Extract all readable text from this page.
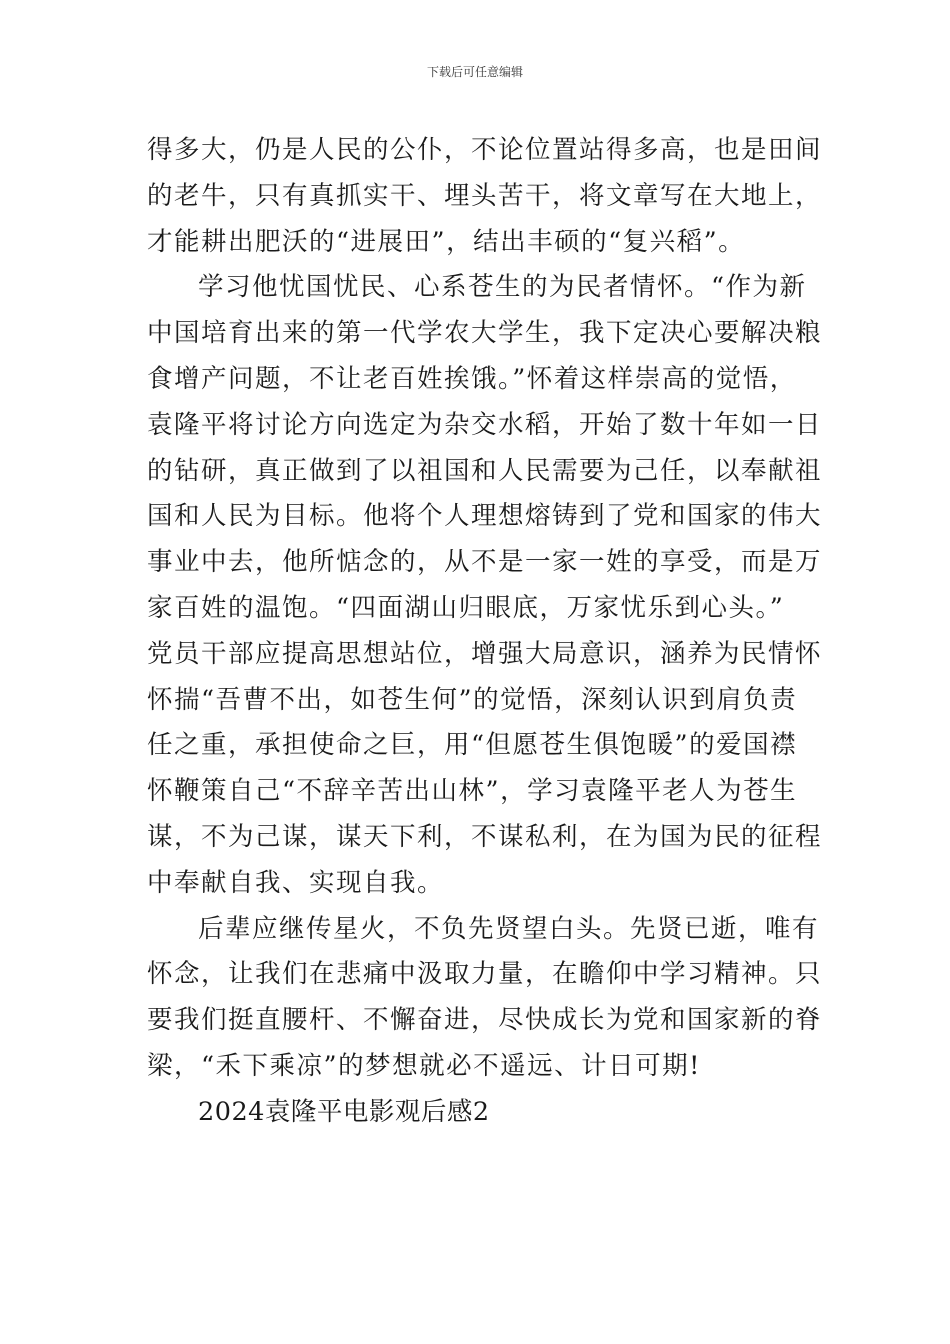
下载后可任意编辑

得多大，仍是人民的公仆，不论位置站得多高，也是田间
的老牛，只有真抓实干、埋头苦干，将文章写在大地上，
才能耕出肥沃的“进展田”，结出丰硕的“复兴稻”。

学习他忧国忧民、心系苍生的为民者情怀。“作为新
中国培育出来的第一代学农大学生，我下定决心要解决粮
食增产问题，不让老百姓挨饿。”怀着这样崇高的觉悟，
袁隆平将讨论方向选定为杂交水稻，开始了数十年如一日
的钻研，真正做到了以祖国和人民需要为己任，以奉献祖
国和人民为目标。他将个人理想熔铸到了党和国家的伟大
事业中去，他所惦念的，从不是一家一姓的享受，而是万
家百姓的温饱。“四面湖山归眼底，万家忧乐到心头。”
党员干部应提高思想站位，增强大局意识，涵养为民情怀
怀揣“吾曹不出，如苍生何”的觉悟，深刻认识到肩负责
任之重，承担使命之巨，用“但愿苍生俱饱暖”的爱国襟
怀鞭策自己“不辞辛苦出山林”，学习袁隆平老人为苍生
谋，不为己谋，谋天下利，不谋私利，在为国为民的征程
中奉献自我、实现自我。

后辈应继传星火，不负先贤望白头。先贤已逝，唯有
怀念，让我们在悲痛中汲取力量，在瞻仰中学习精神。只
要我们挺直腰杆、不懈奋进，尽快成长为党和国家新的脊
梁，“禾下乘凉”的梦想就必不遥远、计日可期!

2024袁隆平电影观后感2
